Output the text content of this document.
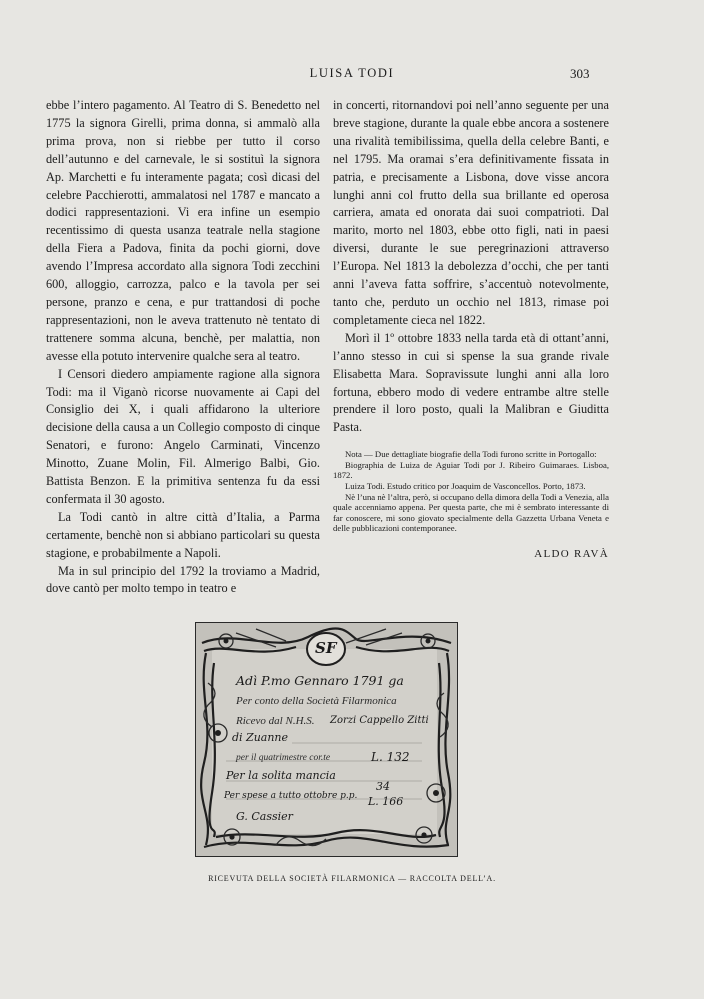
LUISA TODI	303

ebbe l’intero pagamento. Al Teatro di S. Benedetto nel 1775 la signora Girelli, prima donna, si ammalò alla prima prova, non si riebbe per tutto il corso dell’autunno e del carnevale, le si sostituì la signora Ap. Marchetti e fu interamente pagata; così dicasi del celebre Pacchierotti, ammalatosi nel 1787 e mancato a dodici rappresentazioni. Vi era infine un esempio recentissimo di questa usanza teatrale nella stagione della Fiera a Padova, finita da pochi giorni, dove avendo l’Impresa accordato alla signora Todi zecchini 600, alloggio, carrozza, palco e la tavola per sei persone, pranzo e cena, e pur trattandosi di poche rappresentazioni, non le aveva trattenuto nè tentato di trattenere somma alcuna, benchè, per malattia, non avesse ella potuto intervenire qualche sera al teatro.

I Censori diedero ampiamente ragione alla signora Todi: ma il Viganò ricorse nuovamente ai Capi del Consiglio dei X, i quali affidarono la ulteriore decisione della causa a un Collegio composto di cinque Senatori, e furono: Angelo Carminati, Vincenzo Minotto, Zuane Molin, Fil. Almerigo Balbi, Gio. Battista Benzon. E la primitiva sentenza fu da essi confermata il 30 agosto.

La Todi cantò in altre città d’Italia, a Parma certamente, benchè non si abbiano particolari su questa stagione, e probabilmente a Napoli.

Ma in sul principio del 1792 la troviamo a Madrid, dove cantò per molto tempo in teatro e

in concerti, ritornandovi poi nell’anno seguente per una breve stagione, durante la quale ebbe ancora a sostenere una rivalità temibilissima, quella della celebre Banti, e nel 1795. Ma oramai s’era definitivamente fissata in patria, e precisamente a Lisbona, dove visse ancora lunghi anni col frutto della sua brillante ed operosa carriera, amata ed onorata dai suoi compatrioti. Dal marito, morto nel 1803, ebbe otto figli, nati in paesi diversi, durante le sue peregrinazioni attraverso l’Europa. Nel 1813 la debolezza d’occhi, che per tanti anni l’aveva fatta soffrire, s’accentuò notevolmente, tanto che, perduto un occhio nel 1813, rimase poi completamente cieca nel 1822.

Morì il 1º ottobre 1833 nella tarda età di ottant’anni, l’anno stesso in cui si spense la sua grande rivale Elisabetta Mara. Sopravissute lunghi anni alla loro fortuna, ebbero modo di vedere entrambe altre stelle prendere il loro posto, quali la Malibran e Giuditta Pasta.

Nota — Due dettagliate biografie della Todi furono scritte in Portogallo:

Biographia de Luiza de Aguiar Todi por J. Ribeiro Guimaraes. Lisboa, 1872.

Luiza Todi. Estudo critico por Joaquim de Vasconcellos. Porto, 1873.

Nè l’una nè l’altra, però, si occupano della dimora della Todi a Venezia, alla quale accenniamo appena. Per questa parte, che mi è sembrato interessante di far conoscere, mi sono giovato specialmente della Gazzetta Urbana Veneta e delle pubblicazioni contemporanee.

ALDO RAVÀ
SF
Adì P.mo Gennaro 1791 ga
Per conto della Società Filarmonica
Ricevo dal N.H.S. Zorzi Cappello Zitti
di Zuanne
per il quatrimestre cor.te	L. 132
Per la solita mancia
34
Per spese a tutto ottobre p.p. L. 166
G. Cassier
RICEVUTA DELLA SOCIETÀ FILARMONICA — RACCOLTA DELL’A.
